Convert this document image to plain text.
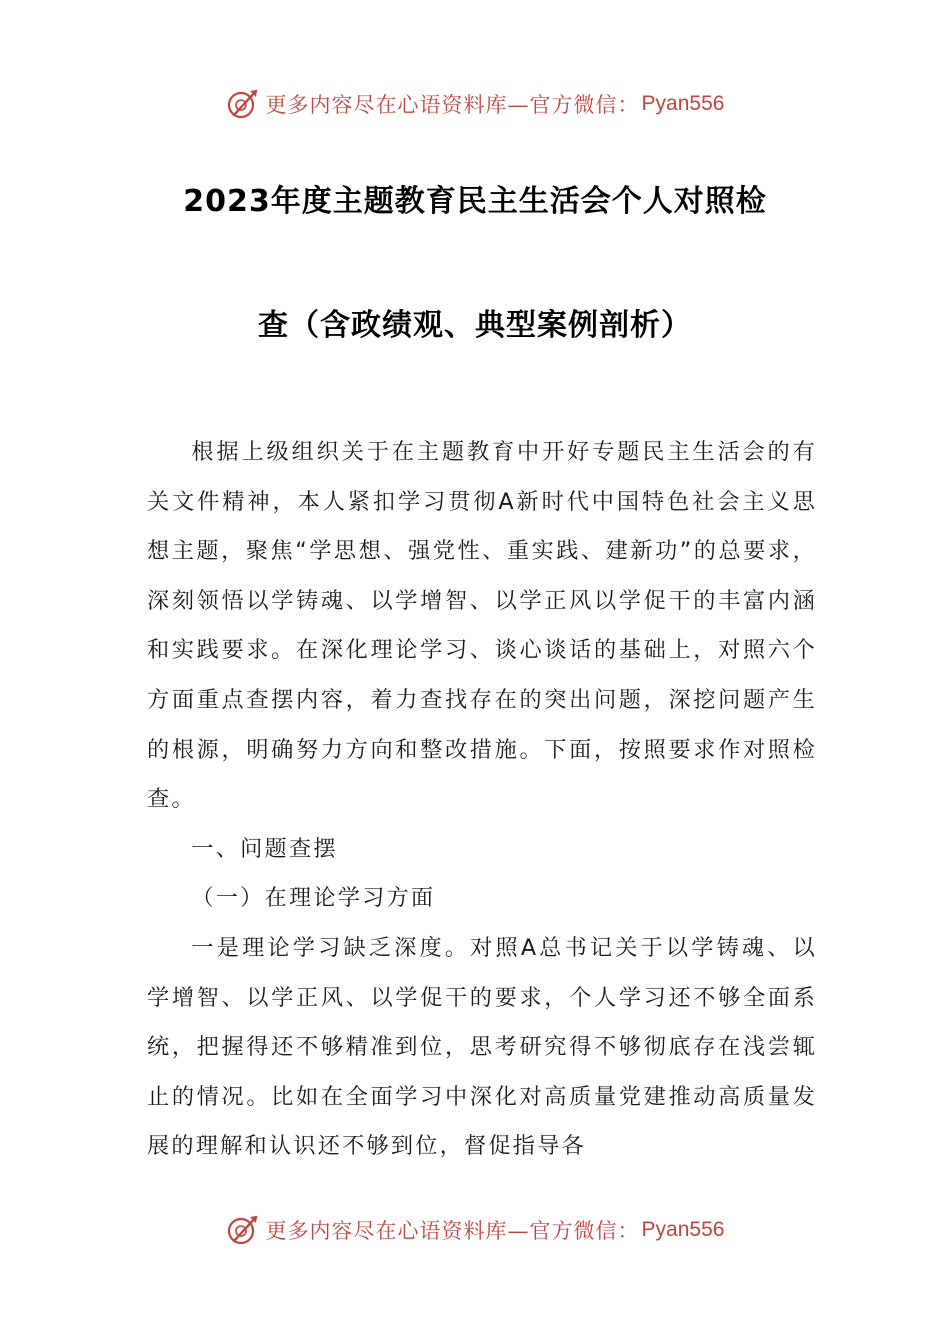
更多内容尽在心语资料库—官方微信： Pyan556
2023年度主题教育民主生活会个人对照检
查（含政绩观、典型案例剖析）

根据上级组织关于在主题教育中开好专题民主生活会的有关文件精神，本人紧扣学习贯彻A新时代中国特色社会主义思想主题，聚焦“学思想、强党性、重实践、建新功”的总要求，深刻领悟以学铸魂、以学增智、以学正风以学促干的丰富内涵和实践要求。在深化理论学习、谈心谈话的基础上，对照六个方面重点查摆内容，着力查找存在的突出问题，深挖问题产生的根源，明确努力方向和整改措施。下面，按照要求作对照检查。

一、问题查摆

（一）在理论学习方面

一是理论学习缺乏深度。对照A总书记关于以学铸魂、以学增智、以学正风、以学促干的要求，个人学习还不够全面系统，把握得还不够精准到位，思考研究得不够彻底存在浅尝辄止的情况。比如在全面学习中深化对高质量党建推动高质量发展的理解和认识还不够到位，督促指导各

更多内容尽在心语资料库—官方微信： Pyan556
